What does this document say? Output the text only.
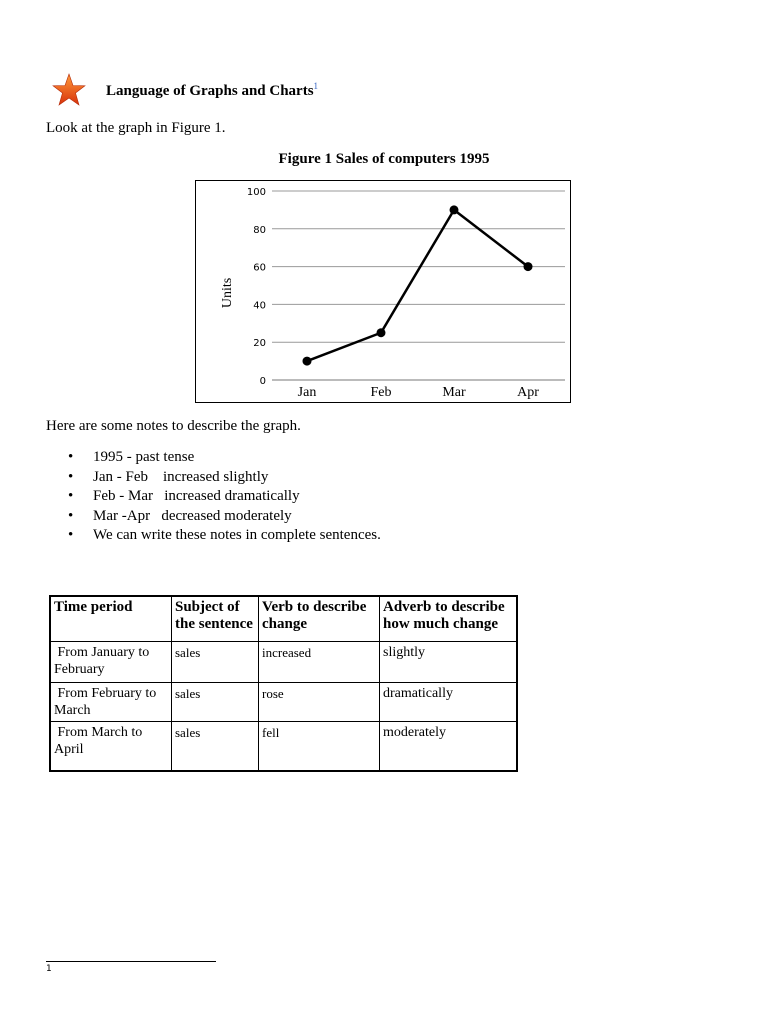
Language of Graphs and Charts$^1$
Look at the graph in Figure 1.
Figure 1 Sales of computers 1995
0
20
40
60
80
100
Jan	Feb	Mar	Apr
Units
Here are some notes to describe the graph.
• 1995 - past tense
• Jan - Feb    increased slightly
• Feb - Mar   increased dramatically
• Mar -Apr   decreased moderately
• We can write these notes in complete sentences.
Time period	Subject of the sentence	Verb to describe change	Adverb to describe how much change
From January to February	sales	increased	slightly
From February to March	sales	rose	dramatically
From March to April	sales	fell	moderately
1
